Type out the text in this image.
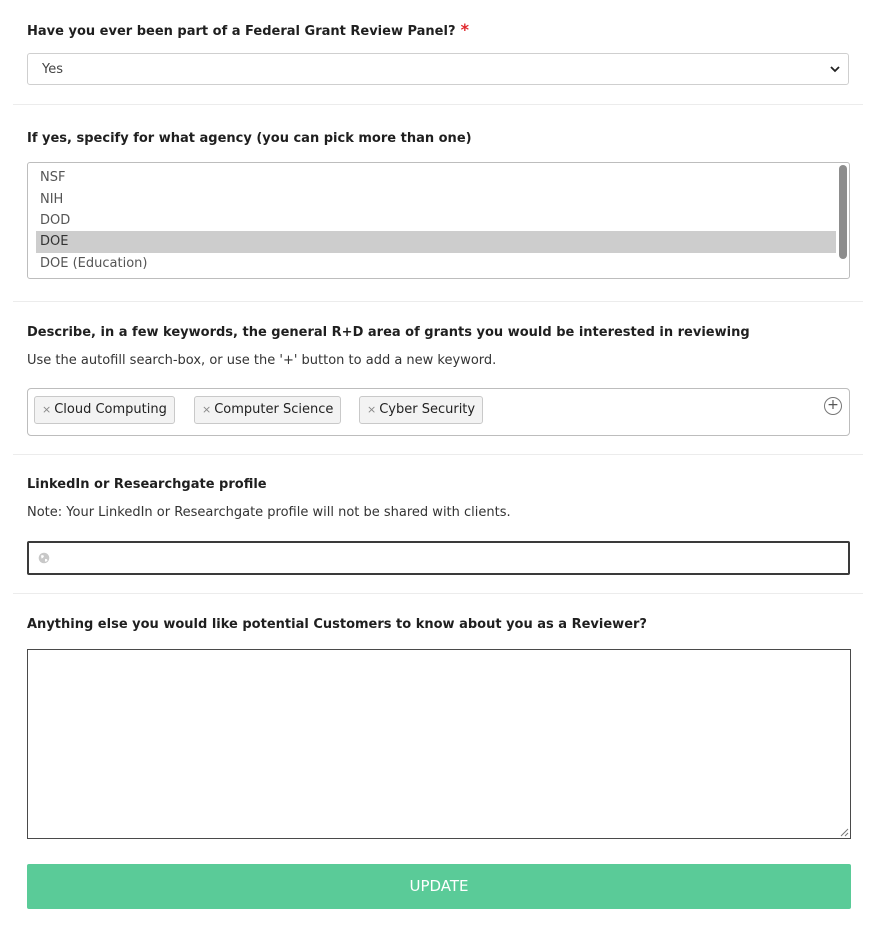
Have you ever been part of a Federal Grant Review Panel? *
Yes
If yes, specify for what agency (you can pick more than one)
NSF
NIH
DOD
DOE
DOE (Education)
Describe, in a few keywords, the general R+D area of grants you would be interested in reviewing
Use the autofill search-box, or use the '+' button to add a new keyword.
× Cloud Computing	× Computer Science	× Cyber Security	+
LinkedIn or Researchgate profile
Note: Your LinkedIn or Researchgate profile will not be shared with clients.
Anything else you would like potential Customers to know about you as a Reviewer?
UPDATE
